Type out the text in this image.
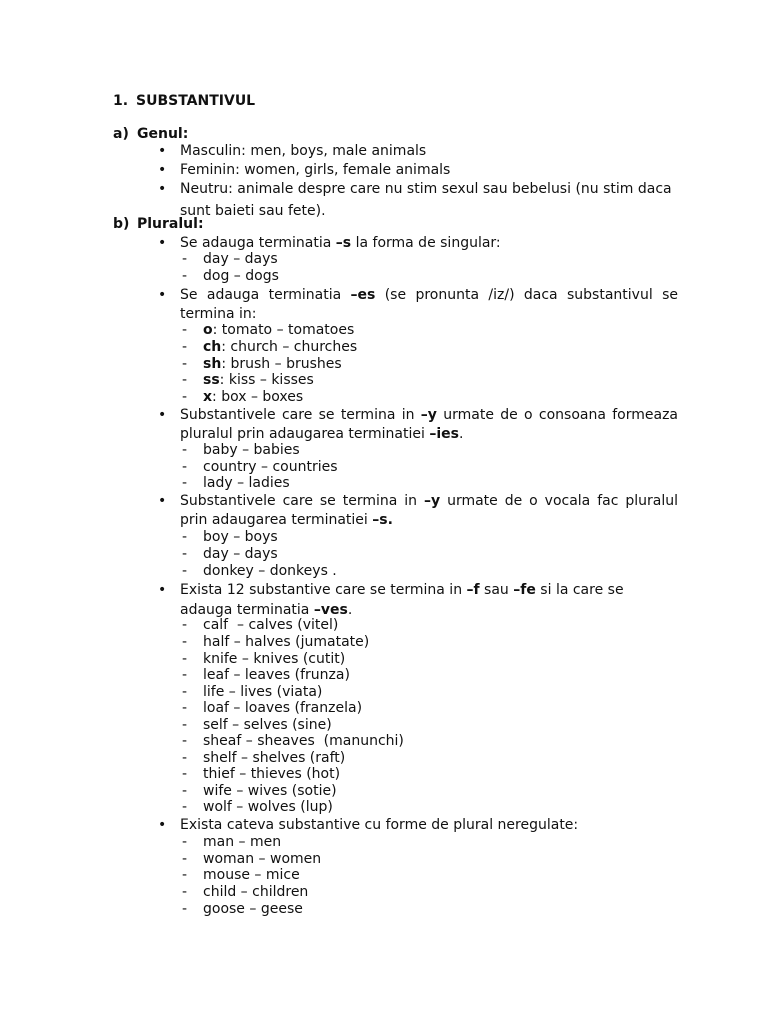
1. SUBSTANTIVUL
a) Genul:
• Masculin: men, boys, male animals
• Feminin: women, girls, female animals
• Neutru: animale despre care nu stim sexul sau bebelusi (nu stim daca sunt baieti sau fete).
b) Pluralul:
• Se adauga terminatia –s la forma de singular:
- day – days
- dog – dogs
• Se adauga terminatia –es (se pronunta /iz/) daca substantivul se termina in:
- o: tomato – tomatoes
- ch: church – churches
- sh: brush – brushes
- ss: kiss – kisses
- x: box – boxes
• Substantivele care se termina in –y urmate de o consoana formeaza pluralul prin adaugarea terminatiei –ies.
- baby – babies
- country – countries
- lady – ladies
• Substantivele care se termina in –y urmate de o vocala fac pluralul prin adaugarea terminatiei –s.
- boy – boys
- day – days
- donkey – donkeys .
• Exista 12 substantive care se termina in –f sau –fe si la care se adauga terminatia –ves.
- calf  – calves (vitel)
- half – halves (jumatate)
- knife – knives (cutit)
- leaf – leaves (frunza)
- life – lives (viata)
- loaf – loaves (franzela)
- self – selves (sine)
- sheaf – sheaves  (manunchi)
- shelf – shelves (raft)
- thief – thieves (hot)
- wife – wives (sotie)
- wolf – wolves (lup)
• Exista cateva substantive cu forme de plural neregulate:
- man – men
- woman – women
- mouse – mice
- child – children
- goose – geese
